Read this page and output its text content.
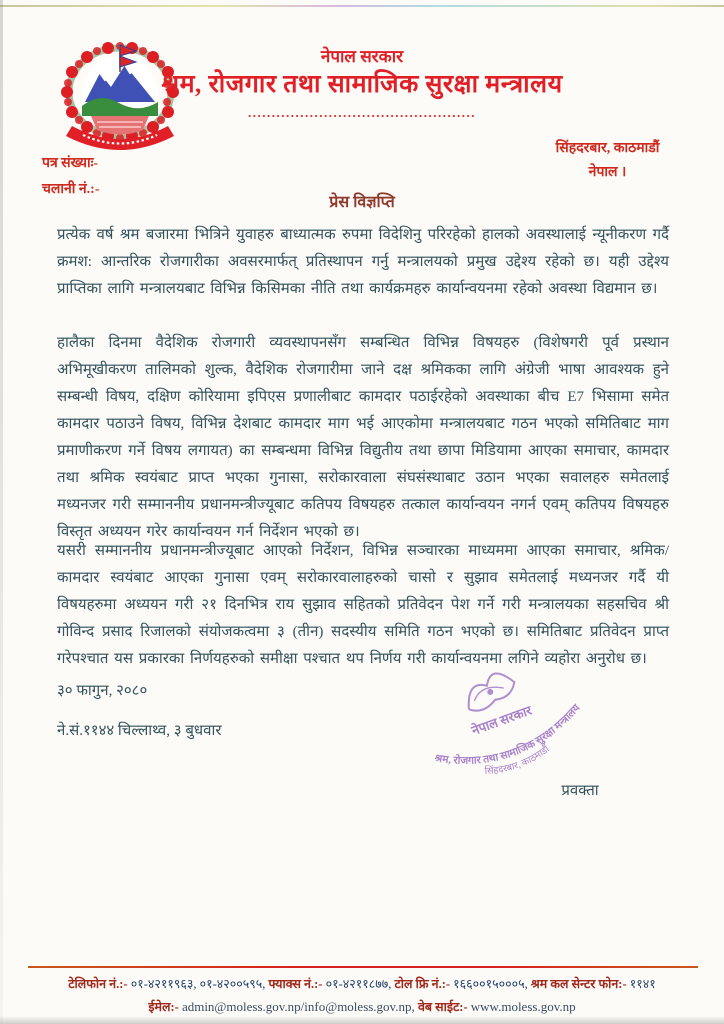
नेपाल सरकार
श्रम, रोजगार तथा सामाजिक सुरक्षा मन्त्रालय
................................................
सिंहदरबार, काठमाडौं
नेपाल ।
पत्र संख्याः-
चलानी नं.:-
प्रेस विज्ञप्ति
प्रत्येक वर्ष श्रम बजारमा भित्रिने युवाहरु बाध्यात्मक रुपमा विदेशिनु परिरहेको हालको अवस्थालाई न्यूनीकरण गर्दै क्रमश: आन्तरिक रोजगारीका अवसरमार्फत् प्रतिस्थापन गर्नु मन्त्रालयको प्रमुख उद्देश्य रहेको छ। यही उद्देश्य प्राप्तिका लागि मन्त्रालयबाट विभिन्न किसिमका नीति तथा कार्यक्रमहरु कार्यान्वयनमा रहेको अवस्था विद्यमान छ।
हालैका दिनमा वैदेशिक रोजगारी व्यवस्थापनसँग सम्बन्धित विभिन्न विषयहरु (विशेषगरी पूर्व प्रस्थान अभिमूखीकरण तालिमको शुल्क, वैदेशिक रोजगारीमा जाने दक्ष श्रमिकका लागि अंग्रेजी भाषा आवश्यक हुने सम्बन्धी विषय, दक्षिण कोरियामा इपिएस प्रणालीबाट कामदार पठाईरहेको अवस्थाका बीच E7 भिसामा समेत कामदार पठाउने विषय, विभिन्न देशबाट कामदार माग भई आएकोमा मन्त्रालयबाट गठन भएको समितिबाट माग प्रमाणीकरण गर्ने विषय लगायत) का सम्बन्धमा विभिन्न विद्युतीय तथा छापा मिडियामा आएका समाचार, कामदार तथा श्रमिक स्वयंबाट प्राप्त भएका गुनासा, सरोकारवाला संघसंस्थाबाट उठान भएका सवालहरु समेतलाई मध्यनजर गरी सम्माननीय प्रधानमन्त्रीज्यूबाट कतिपय विषयहरु तत्काल कार्यान्वयन नगर्न एवम् कतिपय विषयहरु विस्तृत अध्ययन गरेर कार्यान्वयन गर्न निर्देशन भएको छ।
यसरी सम्माननीय प्रधानमन्त्रीज्यूबाट आएको निर्देशन, विभिन्न सञ्चारका माध्यममा आएका समाचार, श्रमिक/कामदार स्वयंबाट आएका गुनासा एवम् सरोकारवालाहरुको चासो र सुझाव समेतलाई मध्यनजर गर्दै यी विषयहरुमा अध्ययन गरी २१ दिनभित्र राय सुझाव सहितको प्रतिवेदन पेश गर्ने गरी मन्त्रालयका सहसचिव श्री गोविन्द प्रसाद रिजालको संयोजकत्वमा ३ (तीन) सदस्यीय समिति गठन भएको छ। समितिबाट प्रतिवेदन प्राप्त गरेपश्चात यस प्रकारका निर्णयहरुको समीक्षा पश्चात थप निर्णय गरी कार्यान्वयनमा लगिने व्यहोरा अनुरोध छ।
३० फागुन, २०८०
ने.सं.११४४ चिल्लाथ्व, ३ बुधवार	नेपाल सरकार
श्रम, रोजगार तथा सामाजिक सुरक्षा मन्त्रालय
सिंहदरबार, काठमाडौं
प्रवक्ता
टेलिफोन नं.:- ०१-४२११९६३, ०१-४२००५९५, फ्याक्स नं.:- ०१-४२११८७७, टोल फ्रि नं.:- १६६००१५०००५, श्रम कल सेन्टर फोन:- ११४१
ईमेल:- admin@moless.gov.np/info@moless.gov.np, वेब साईट:- www.moless.gov.np
